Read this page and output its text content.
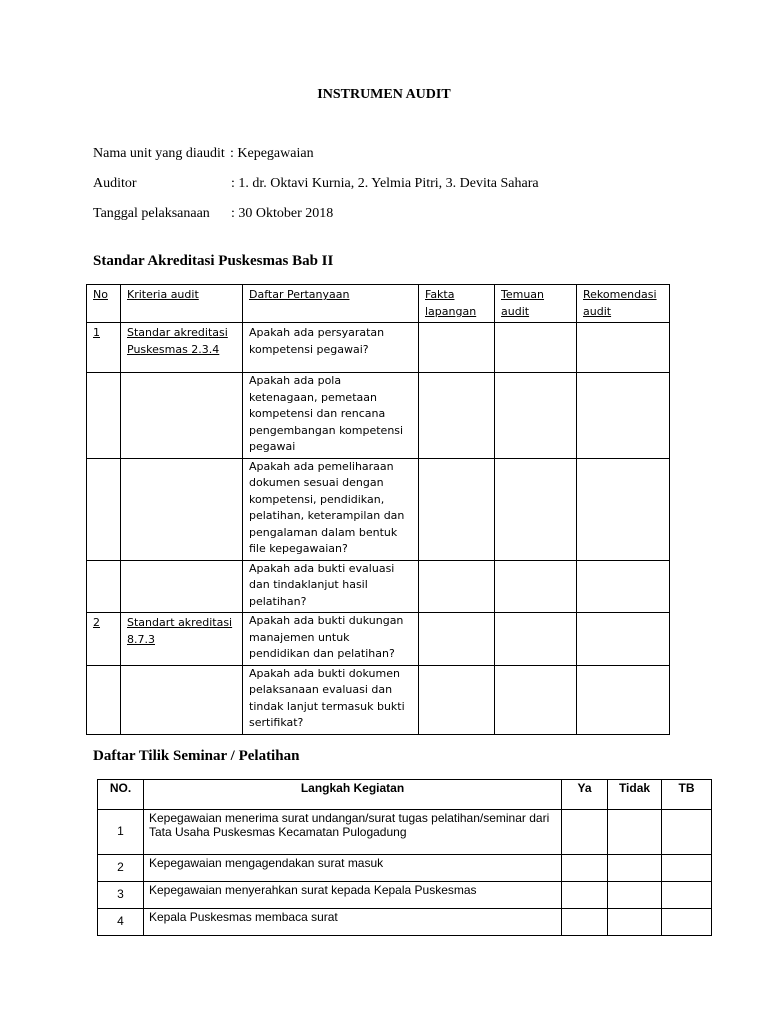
INSTRUMEN AUDIT
Nama unit yang diaudit : Kepegawaian
Auditor	: 1. dr. Oktavi Kurnia, 2. Yelmia Pitri, 3. Devita Sahara
Tanggal pelaksanaan : 30 Oktober 2018
Standar Akreditasi Puskesmas Bab II
No	Kriteria audit	Daftar Pertanyaan	Fakta lapangan	Temuan audit	Rekomendasi audit
1	Standar akreditasi Puskesmas 2.3.4	Apakah ada persyaratan kompetensi pegawai?			
		Apakah ada pola ketenagaan, pemetaan kompetensi dan rencana pengembangan kompetensi pegawai			
		Apakah ada pemeliharaan dokumen sesuai dengan kompetensi, pendidikan, pelatihan, keterampilan dan pengalaman dalam bentuk file kepegawaian?			
		Apakah ada bukti evaluasi dan tindaklanjut hasil pelatihan?			
2	Standart akreditasi 8.7.3	Apakah ada bukti dukungan manajemen untuk pendidikan dan pelatihan?			
		Apakah ada bukti dokumen pelaksanaan evaluasi dan tindak lanjut termasuk bukti sertifikat?			
Daftar Tilik Seminar / Pelatihan
NO.	Langkah Kegiatan	Ya	Tidak	TB
1	Kepegawaian menerima surat undangan/surat tugas pelatihan/seminar dari Tata Usaha Puskesmas Kecamatan Pulogadung			
2	Kepegawaian mengagendakan surat masuk			
3	Kepegawaian menyerahkan surat kepada Kepala Puskesmas			
4	Kepala Puskesmas membaca surat			
